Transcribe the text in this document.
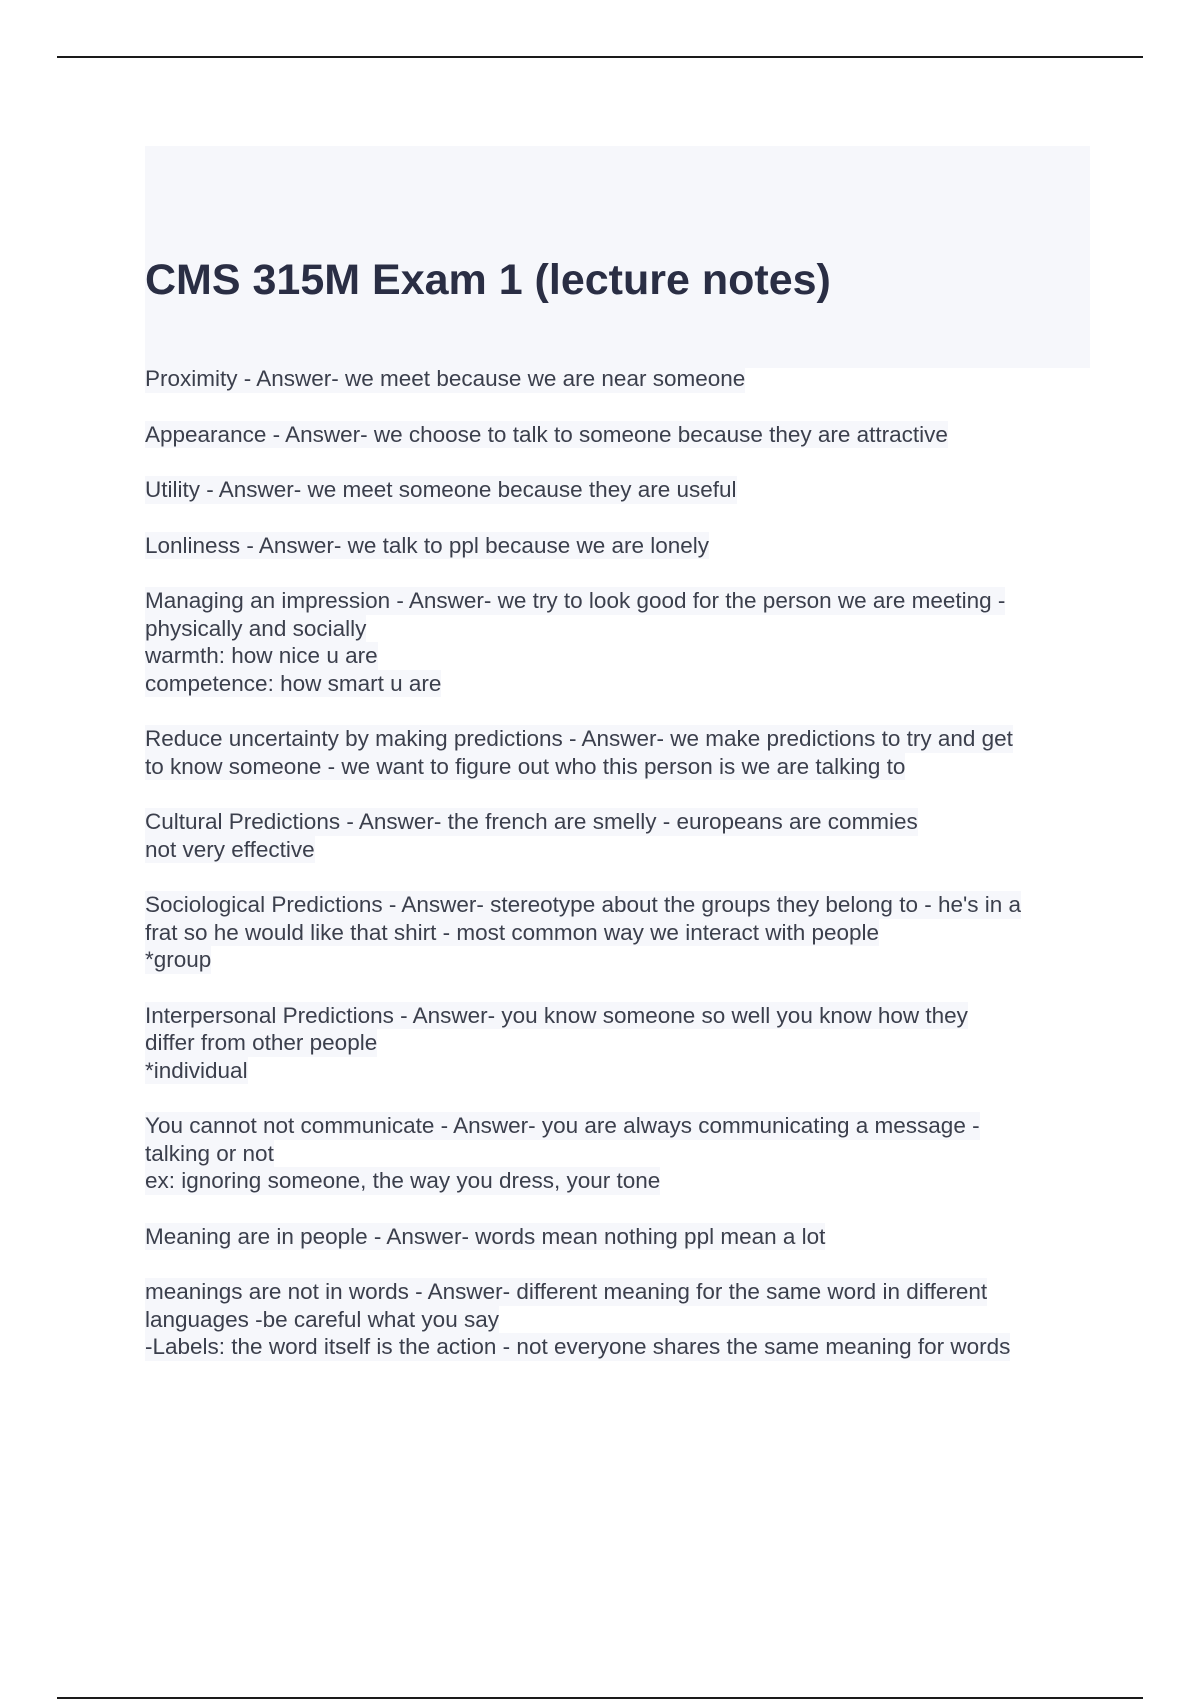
CMS 315M Exam 1 (lecture notes)
Proximity - Answer- we meet because we are near someone
Appearance - Answer- we choose to talk to someone because they are attractive
Utility - Answer- we meet someone because they are useful
Lonliness - Answer- we talk to ppl because we are lonely
Managing an impression - Answer- we try to look good for the person we are meeting -
physically and socially
warmth: how nice u are
competence: how smart u are
Reduce uncertainty by making predictions - Answer- we make predictions to try and get
to know someone - we want to figure out who this person is we are talking to
Cultural Predictions - Answer- the french are smelly - europeans are commies
not very effective
Sociological Predictions - Answer- stereotype about the groups they belong to - he's in a
frat so he would like that shirt - most common way we interact with people
*group
Interpersonal Predictions - Answer- you know someone so well you know how they
differ from other people
*individual
You cannot not communicate - Answer- you are always communicating a message -
talking or not
ex: ignoring someone, the way you dress, your tone
Meaning are in people - Answer- words mean nothing ppl mean a lot
meanings are not in words - Answer- different meaning for the same word in different
languages -be careful what you say
-Labels: the word itself is the action - not everyone shares the same meaning for words
